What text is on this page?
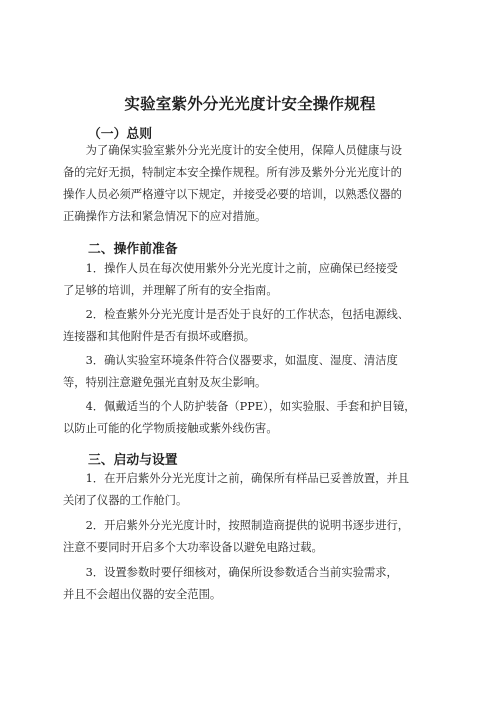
实验室紫外分光光度计安全操作规程
（一）总则
为了确保实验室紫外分光光度计的安全使用，保障人员健康与设
备的完好无损，特制定本安全操作规程。所有涉及紫外分光光度计的
操作人员必须严格遵守以下规定，并接受必要的培训，以熟悉仪器的
正确操作方法和紧急情况下的应对措施。
二、操作前准备
1．操作人员在每次使用紫外分光光度计之前，应确保已经接受
了足够的培训，并理解了所有的安全指南。
2．检查紫外分光光度计是否处于良好的工作状态，包括电源线、
连接器和其他附件是否有损坏或磨损。
3．确认实验室环境条件符合仪器要求，如温度、湿度、清洁度
等，特别注意避免强光直射及灰尘影响。
4．佩戴适当的个人防护装备（PPE），如实验服、手套和护目镜，
以防止可能的化学物质接触或紫外线伤害。
三、启动与设置
1．在开启紫外分光光度计之前，确保所有样品已妥善放置，并且
关闭了仪器的工作舱门。
2．开启紫外分光光度计时，按照制造商提供的说明书逐步进行，
注意不要同时开启多个大功率设备以避免电路过载。
3．设置参数时要仔细核对，确保所设参数适合当前实验需求，
并且不会超出仪器的安全范围。
